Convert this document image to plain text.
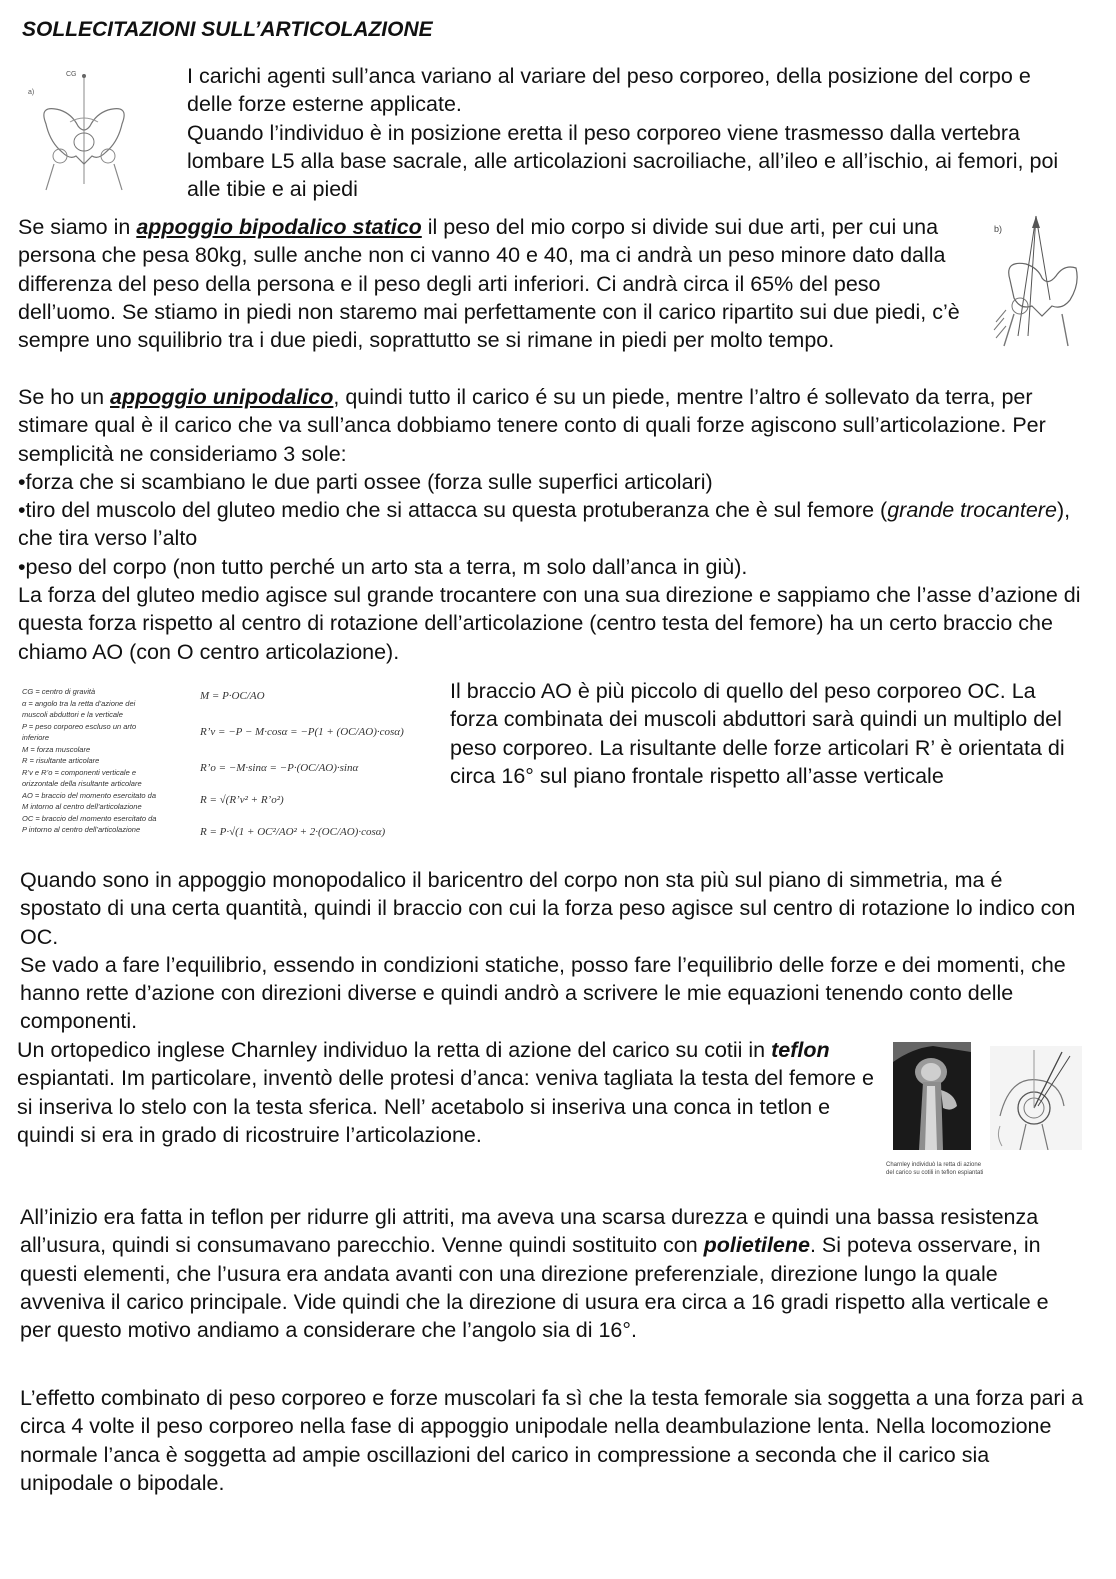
SOLLECITAZIONI SULL’ARTICOLAZIONE
CG
a)
I carichi agenti sull’anca variano al variare del peso corporeo, della posizione del corpo e delle forze esterne applicate.
Quando l’individuo è in posizione eretta il peso corporeo viene trasmesso dalla vertebra lombare L5 alla base sacrale, alle articolazioni sacroiliache, all’ileo e all’ischio, ai femori, poi alle tibie e ai piedi
Se siamo in appoggio bipodalico statico il peso del mio corpo si divide sui due arti, per cui una persona che pesa 80kg, sulle anche non ci vanno 40 e 40, ma ci andrà un peso minore dato dalla differenza del peso della persona e il peso degli arti inferiori. Ci andrà circa il 65% del peso dell’uomo. Se stiamo in piedi non staremo mai perfettamente con il carico ripartito sui due piedi, c’è sempre uno squilibrio tra i due piedi, soprattutto se si rimane in piedi per molto tempo.
b)
Se ho un appoggio unipodalico, quindi tutto il carico é su un piede, mentre l’altro é sollevato da terra, per stimare qual è il carico che va sull’anca dobbiamo tenere conto di quali forze agiscono sull’articolazione. Per semplicità ne consideriamo 3 sole:
•forza che si scambiano le due parti ossee (forza sulle superfici articolari)
•tiro del muscolo del gluteo medio che si attacca su questa protuberanza che è sul femore (grande trocantere), che tira verso l’alto
•peso del corpo (non tutto perché un arto sta a terra, m solo dall’anca in giù).
La forza del gluteo medio agisce sul grande trocantere con una sua direzione e sappiamo che l’asse d’azione di questa forza rispetto al centro di rotazione dell’articolazione (centro testa del femore) ha un certo braccio che chiamo AO (con O centro articolazione).
CG = centro di gravità
α = angolo tra la retta d’azione dei
muscoli abduttori e la verticale
P = peso corporeo escluso un arto
inferiore
M = forza muscolare
R = risultante articolare
R’v e R’o = componenti verticale e
orizzontale della risultante articolare
AO = braccio del momento esercitato da
M intorno al centro dell’articolazione
OC = braccio del momento esercitato da
P intorno al centro dell’articolazione
M = P·OC/AO
R’v = −P − M·cosα = −P(1 + (OC/AO)·cosα)
R’o = −M·sinα = −P·(OC/AO)·sinα
R = √(R’v² + R’o²)
R = P·√(1 + OC²/AO² + 2·(OC/AO)·cosα)
Il braccio AO è più piccolo di quello del peso corporeo OC. La forza combinata dei muscoli abduttori sarà quindi un multiplo del peso corporeo. La risultante delle forze articolari R’ è orientata di circa 16° sul piano frontale rispetto all’asse verticale
Quando sono in appoggio monopodalico il baricentro del corpo non sta più sul piano di simmetria, ma é spostato di una certa quantità, quindi il braccio con cui la forza peso agisce sul centro di rotazione lo indico con OC.
Se vado a fare l’equilibrio, essendo in condizioni statiche, posso fare l’equilibrio delle forze e dei momenti, che hanno rette d’azione con direzioni diverse e quindi andrò a scrivere le mie equazioni tenendo conto delle componenti.
Un ortopedico inglese Charnley individuo la retta di azione del carico su cotii in teflon espiantati. Im particolare, inventò delle protesi d’anca: veniva tagliata la testa del femore e si inseriva lo stelo con la testa sferica. Nell’ acetabolo si inseriva una conca in tetlon e quindi si era in grado di ricostruire l’articolazione.
Charnley individuò la retta di azione del carico su cotili in teflon espiantati
All’inizio era fatta in teflon per ridurre gli attriti, ma aveva una scarsa durezza e quindi una bassa resistenza all’usura, quindi si consumavano parecchio. Venne quindi sostituito con polietilene. Si poteva osservare, in questi elementi, che l’usura era andata avanti con una direzione preferenziale, direzione lungo la quale avveniva il carico principale. Vide quindi che la direzione di usura era circa a 16 gradi rispetto alla verticale e per questo motivo andiamo a considerare che l’angolo sia di 16°.
L’effetto combinato di peso corporeo e forze muscolari fa sì che la testa femorale sia soggetta a una forza pari a circa 4 volte il peso corporeo nella fase di appoggio unipodale nella deambulazione lenta. Nella locomozione normale l’anca è soggetta ad ampie oscillazioni del carico in compressione a seconda che il carico sia unipodale o bipodale.
